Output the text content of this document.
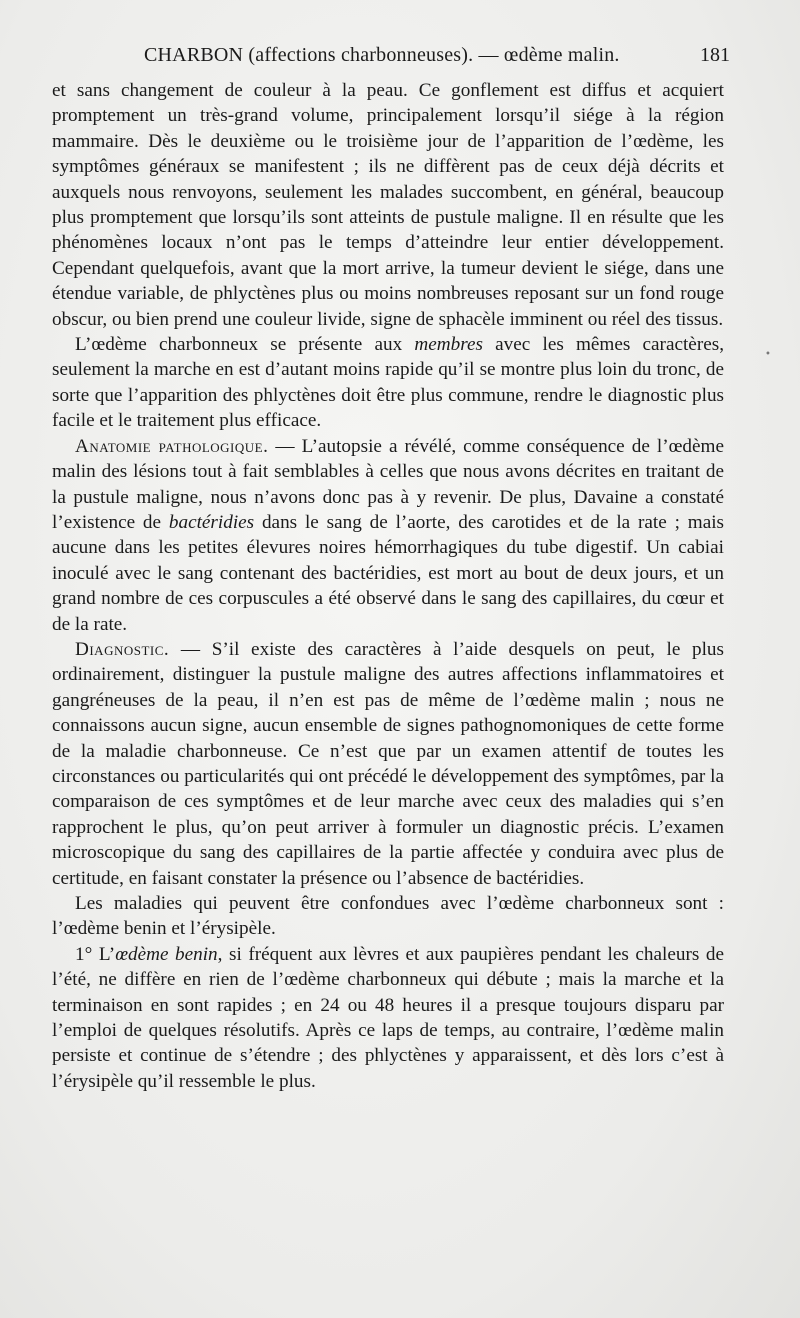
CHARBON (affections charbonneuses). — œdème malin.	181

et sans changement de couleur à la peau. Ce gonflement est diffus et acquiert promptement un très-grand volume, principalement lorsqu’il siége à la région mammaire. Dès le deuxième ou le troisième jour de l’apparition de l’œdème, les symptômes généraux se manifestent ; ils ne diffèrent pas de ceux déjà décrits et auxquels nous renvoyons, seulement les malades succombent, en général, beaucoup plus promptement que lorsqu’ils sont atteints de pustule maligne. Il en résulte que les phénomènes locaux n’ont pas le temps d’atteindre leur entier développement. Cependant quelquefois, avant que la mort arrive, la tumeur devient le siége, dans une étendue variable, de phlyctènes plus ou moins nombreuses reposant sur un fond rouge obscur, ou bien prend une couleur livide, signe de sphacèle imminent ou réel des tissus.

L’œdème charbonneux se présente aux membres avec les mêmes caractères, seulement la marche en est d’autant moins rapide qu’il se montre plus loin du tronc, de sorte que l’apparition des phlyctènes doit être plus commune, rendre le diagnostic plus facile et le traitement plus efficace.

Anatomie pathologique. — L’autopsie a révélé, comme conséquence de l’œdème malin des lésions tout à fait semblables à celles que nous avons décrites en traitant de la pustule maligne, nous n’avons donc pas à y revenir. De plus, Davaine a constaté l’existence de bactéridies dans le sang de l’aorte, des carotides et de la rate ; mais aucune dans les petites élevures noires hémorrhagiques du tube digestif. Un cabiai inoculé avec le sang contenant des bactéridies, est mort au bout de deux jours, et un grand nombre de ces corpuscules a été observé dans le sang des capillaires, du cœur et de la rate.

Diagnostic. — S’il existe des caractères à l’aide desquels on peut, le plus ordinairement, distinguer la pustule maligne des autres affections inflammatoires et gangréneuses de la peau, il n’en est pas de même de l’œdème malin ; nous ne connaissons aucun signe, aucun ensemble de signes pathognomoniques de cette forme de la maladie charbonneuse. Ce n’est que par un examen attentif de toutes les circonstances ou particularités qui ont précédé le développement des symptômes, par la comparaison de ces symptômes et de leur marche avec ceux des maladies qui s’en rapprochent le plus, qu’on peut arriver à formuler un diagnostic précis. L’examen microscopique du sang des capillaires de la partie affectée y conduira avec plus de certitude, en faisant constater la présence ou l’absence de bactéridies.

Les maladies qui peuvent être confondues avec l’œdème charbonneux sont : l’œdème benin et l’érysipèle.

1° L’œdème benin, si fréquent aux lèvres et aux paupières pendant les chaleurs de l’été, ne diffère en rien de l’œdème charbonneux qui débute ; mais la marche et la terminaison en sont rapides ; en 24 ou 48 heures il a presque toujours disparu par l’emploi de quelques résolutifs. Après ce laps de temps, au contraire, l’œdème malin persiste et continue de s’étendre ; des phlyctènes y apparaissent, et dès lors c’est à l’érysipèle qu’il ressemble le plus.

•
